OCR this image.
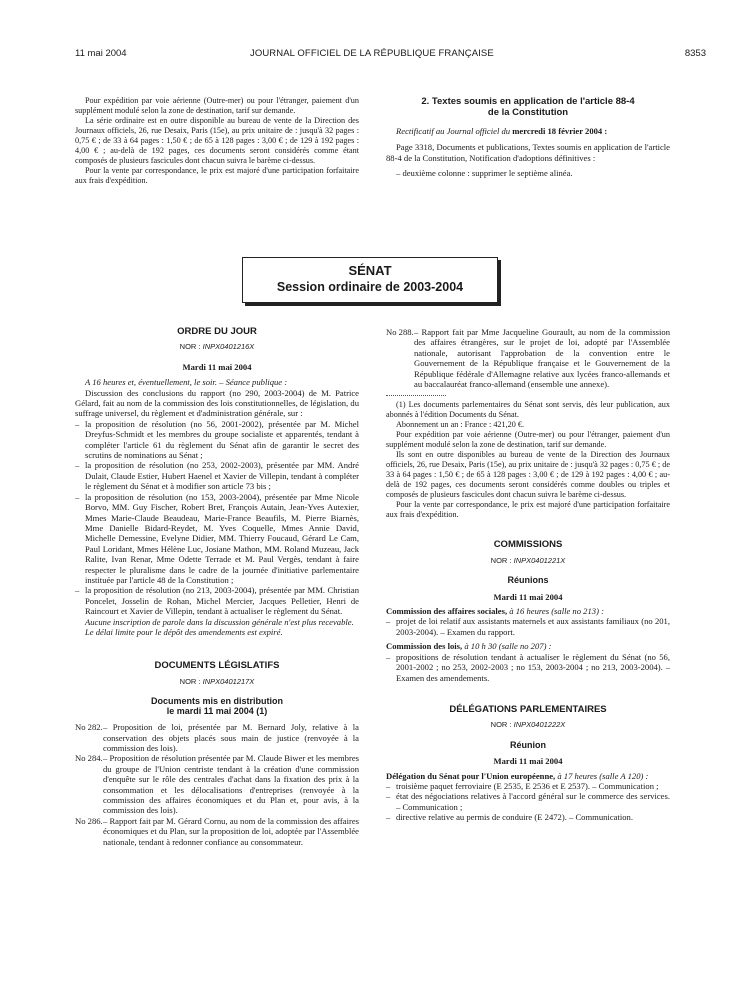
11 mai 2004	JOURNAL OFFICIEL DE LA RÉPUBLIQUE FRANÇAISE	8353

Pour expédition par voie aérienne (Outre-mer) ou pour l'étranger, paiement d'un supplément modulé selon la zone de destination, tarif sur demande.

La série ordinaire est en outre disponible au bureau de vente de la Direction des Journaux officiels, 26, rue Desaix, Paris (15e), au prix unitaire de : jusqu'à 32 pages : 0,75 € ; de 33 à 64 pages : 1,50 € ; de 65 à 128 pages : 3,00 € ; de 129 à 192 pages : 4,00 € ; au-delà de 192 pages, ces documents seront considérés comme étant composés de plusieurs fascicules dont chacun suivra le barème ci-dessus.

Pour la vente par correspondance, le prix est majoré d'une participation forfaitaire aux frais d'expédition.

2. Textes soumis en application de l'article 88-4
de la Constitution

Rectificatif au Journal officiel du mercredi 18 février 2004 :

Page 3318, Documents et publications, Textes soumis en application de l'article 88-4 de la Constitution, Notification d'adoptions définitives :

– deuxième colonne : supprimer le septième alinéa.

SÉNAT
Session ordinaire de 2003-2004
ORDRE DU JOUR
NOR : INPX0401216X
Mardi 11 mai 2004

A 16 heures et, éventuellement, le soir. – Séance publique :

Discussion des conclusions du rapport (no 290, 2003-2004) de M. Patrice Gélard, fait au nom de la commission des lois constitutionnelles, de législation, du suffrage universel, du règlement et d'administration générale, sur :

– la proposition de résolution (no 56, 2001-2002), présentée par M. Michel Dreyfus-Schmidt et les membres du groupe socialiste et apparentés, tendant à compléter l'article 61 du règlement du Sénat afin de garantir le secret des scrutins de nominations au Sénat ;
– la proposition de résolution (no 253, 2002-2003), présentée par MM. André Dulait, Claude Estier, Hubert Haenel et Xavier de Villepin, tendant à compléter le règlement du Sénat et à modifier son article 73 bis ;
– la proposition de résolution (no 153, 2003-2004), présentée par Mme Nicole Borvo, MM. Guy Fischer, Robert Bret, François Autain, Jean-Yves Autexier, Mmes Marie-Claude Beaudeau, Marie-France Beaufils, M. Pierre Biarnès, Mme Danielle Bidard-Reydet, M. Yves Coquelle, Mmes Annie David, Michelle Demessine, Evelyne Didier, MM. Thierry Foucaud, Gérard Le Cam, Paul Loridant, Mmes Hélène Luc, Josiane Mathon, MM. Roland Muzeau, Jack Ralite, Ivan Renar, Mme Odette Terrade et M. Paul Vergès, tendant à faire respecter le pluralisme dans le cadre de la journée d'initiative parlementaire instituée par l'article 48 de la Constitution ;
– la proposition de résolution (no 213, 2003-2004), présentée par MM. Christian Poncelet, Josselin de Rohan, Michel Mercier, Jacques Pelletier, Henri de Raincourt et Xavier de Villepin, tendant à actualiser le règlement du Sénat.

Aucune inscription de parole dans la discussion générale n'est plus recevable.

Le délai limite pour le dépôt des amendements est expiré.

DOCUMENTS LÉGISLATIFS
NOR : INPX0401217X
Documents mis en distribution
le mardi 11 mai 2004 (1)
No 282. – Proposition de loi, présentée par M. Bernard Joly, relative à la conservation des objets placés sous main de justice (renvoyée à la commission des lois).
No 284. – Proposition de résolution présentée par M. Claude Biwer et les membres du groupe de l'Union centriste tendant à la création d'une commission d'enquête sur le rôle des centrales d'achat dans la fixation des prix à la consommation et les délocalisations d'entreprises (renvoyée à la commission des affaires économiques et du Plan et, pour avis, à la commission des lois).
No 286. – Rapport fait par M. Gérard Cornu, au nom de la commission des affaires économiques et du Plan, sur la proposition de loi, adoptée par l'Assemblée nationale, tendant à redonner confiance au consommateur.
No 288. – Rapport fait par Mme Jacqueline Gourault, au nom de la commission des affaires étrangères, sur le projet de loi, adopté par l'Assemblée nationale, autorisant l'approbation de la convention entre le Gouvernement de la République française et le Gouvernement de la République fédérale d'Allemagne relative aux lycées franco-allemands et au baccalauréat franco-allemand (ensemble une annexe).

(1) Les documents parlementaires du Sénat sont servis, dès leur publication, aux abonnés à l'édition Documents du Sénat.

Abonnement un an : France : 421,20 €.

Pour expédition par voie aérienne (Outre-mer) ou pour l'étranger, paiement d'un supplément modulé selon la zone de destination, tarif sur demande.

Ils sont en outre disponibles au bureau de vente de la Direction des Journaux officiels, 26, rue Desaix, Paris (15e), au prix unitaire de : jusqu'à 32 pages : 0,75 € ; de 33 à 64 pages : 1,50 € ; de 65 à 128 pages : 3,00 € ; de 129 à 192 pages : 4,00 € ; au-delà de 192 pages, ces documents seront considérés comme doubles ou triples et composés de plusieurs fascicules dont chacun suivra le barème ci-dessus.

Pour la vente par correspondance, le prix est majoré d'une participation forfaitaire aux frais d'expédition.

COMMISSIONS
NOR : INPX0401221X
Réunions
Mardi 11 mai 2004

Commission des affaires sociales, à 16 heures (salle no 213) :

– projet de loi relatif aux assistants maternels et aux assistants familiaux (no 201, 2003-2004). – Examen du rapport.

Commission des lois, à 10 h 30 (salle no 207) :

– propositions de résolution tendant à actualiser le règlement du Sénat (no 56, 2001-2002 ; no 253, 2002-2003 ; no 153, 2003-2004 ; no 213, 2003-2004). – Examen des amendements.
DÉLÉGATIONS PARLEMENTAIRES
NOR : INPX0401222X
Réunion
Mardi 11 mai 2004

Délégation du Sénat pour l'Union européenne, à 17 heures (salle A 120) :

– troisième paquet ferroviaire (E 2535, E 2536 et E 2537). – Communication ;
– état des négociations relatives à l'accord général sur le commerce des services. – Communication ;
– directive relative au permis de conduire (E 2472). – Communication.
